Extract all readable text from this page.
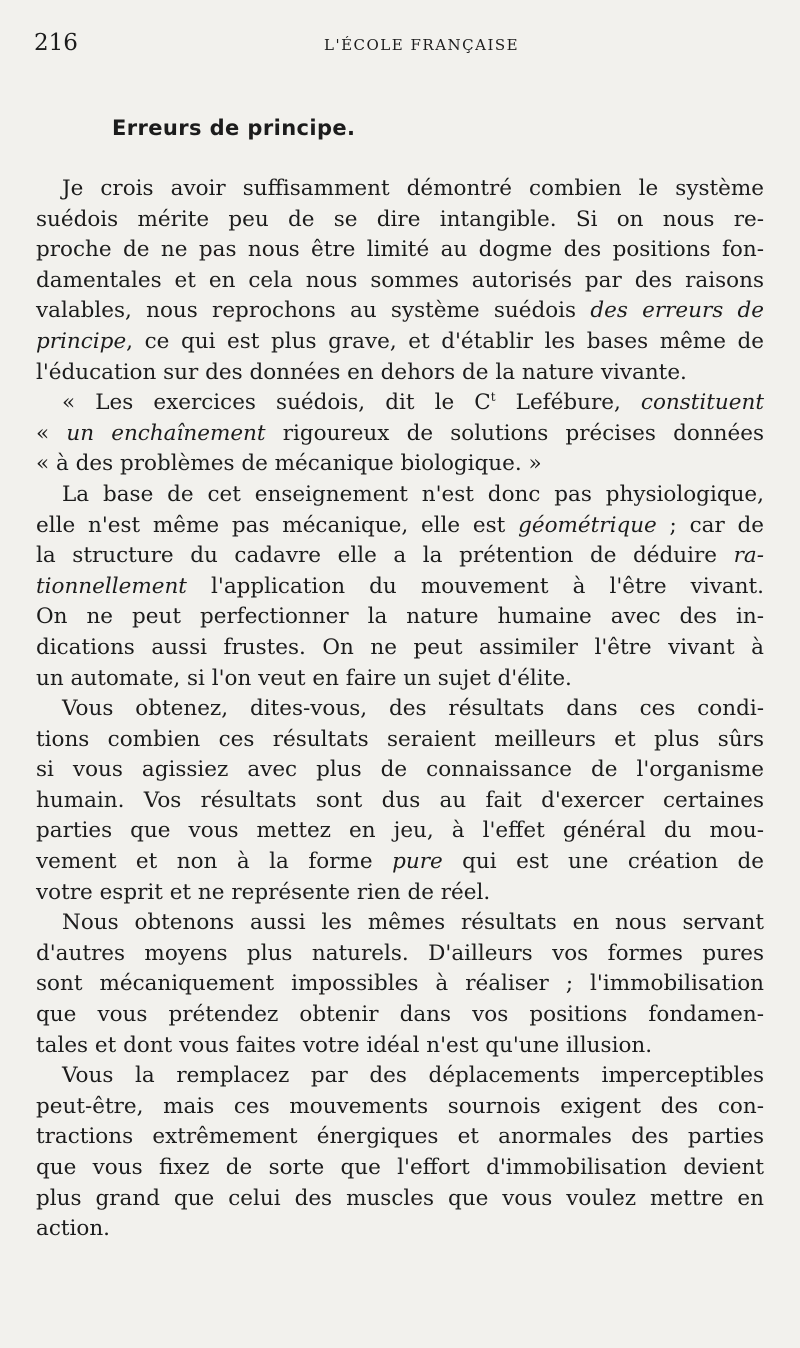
216	L'ÉCOLE FRANÇAISE
Erreurs de principe.

Je crois avoir suffisamment démontré combien le système
suédois mérite peu de se dire intangible. Si on nous re-
proche de ne pas nous être limité au dogme des positions fon-
damentales et en cela nous sommes autorisés par des raisons
valables, nous reprochons au système suédois des erreurs de
principe, ce qui est plus grave, et d'établir les bases même de
l'éducation sur des données en dehors de la nature vivante.

« Les exercices suédois, dit le $C^t$ Lefébure, constituent
« un enchaînement rigoureux de solutions précises données
« à des problèmes de mécanique biologique. »

La base de cet enseignement n'est donc pas physiologique,
elle n'est même pas mécanique, elle est géométrique ; car de
la structure du cadavre elle a la prétention de déduire ra-
tionnellement l'application du mouvement à l'être vivant.
On ne peut perfectionner la nature humaine avec des in-
dications aussi frustes. On ne peut assimiler l'être vivant à
un automate, si l'on veut en faire un sujet d'élite.

Vous obtenez, dites-vous, des résultats dans ces condi-
tions combien ces résultats seraient meilleurs et plus sûrs
si vous agissiez avec plus de connaissance de l'organisme
humain. Vos résultats sont dus au fait d'exercer certaines
parties que vous mettez en jeu, à l'effet général du mou-
vement et non à la forme pure qui est une création de
votre esprit et ne représente rien de réel.

Nous obtenons aussi les mêmes résultats en nous servant
d'autres moyens plus naturels. D'ailleurs vos formes pures
sont mécaniquement impossibles à réaliser ; l'immobilisation
que vous prétendez obtenir dans vos positions fondamen-
tales et dont vous faites votre idéal n'est qu'une illusion.

Vous la remplacez par des déplacements imperceptibles
peut-être, mais ces mouvements sournois exigent des con-
tractions extrêmement énergiques et anormales des parties
que vous fixez de sorte que l'effort d'immobilisation devient
plus grand que celui des muscles que vous voulez mettre en
action.
